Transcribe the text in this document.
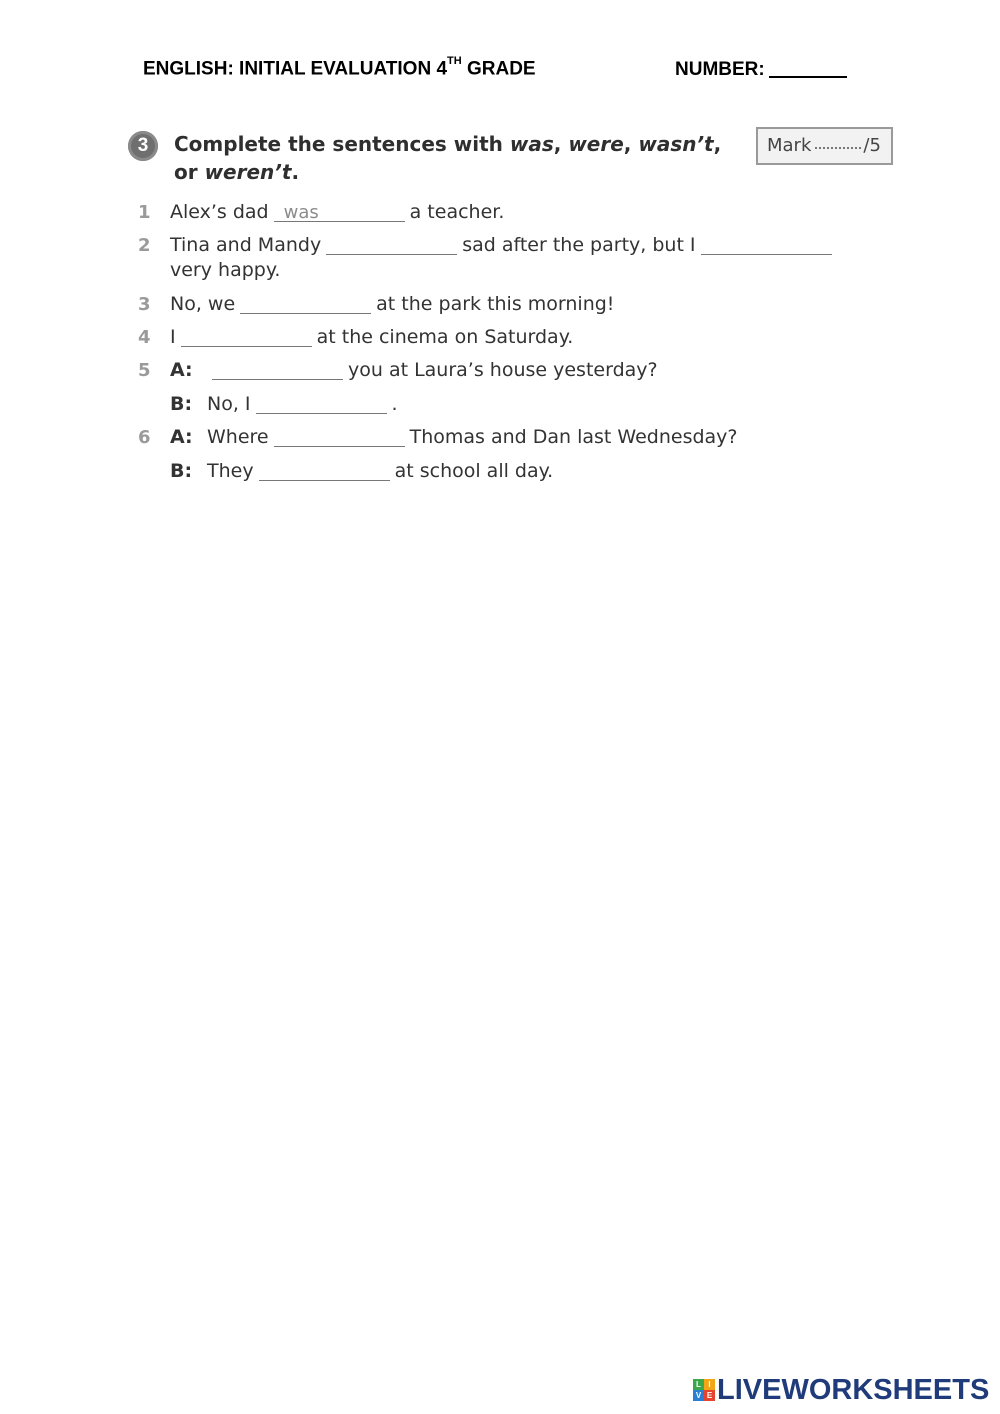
ENGLISH: INITIAL EVALUATION 4TH GRADE	NUMBER:
3	Complete the sentences with was, were, wasn’t,
or weren’t.
Mark	/5
1 Alex’s dad was	a teacher.
2 Tina and Mandy	sad after the party, but I
very happy.
3 No, we	at the park this morning!
4 I	at the cinema on Saturday.
5 A:	you at Laura’s house yesterday?
B: No, I	.
6 A: Where	Thomas and Dan last Wednesday?
B: They	at school all day.
L I
V E LIVEWORKSHEETS
